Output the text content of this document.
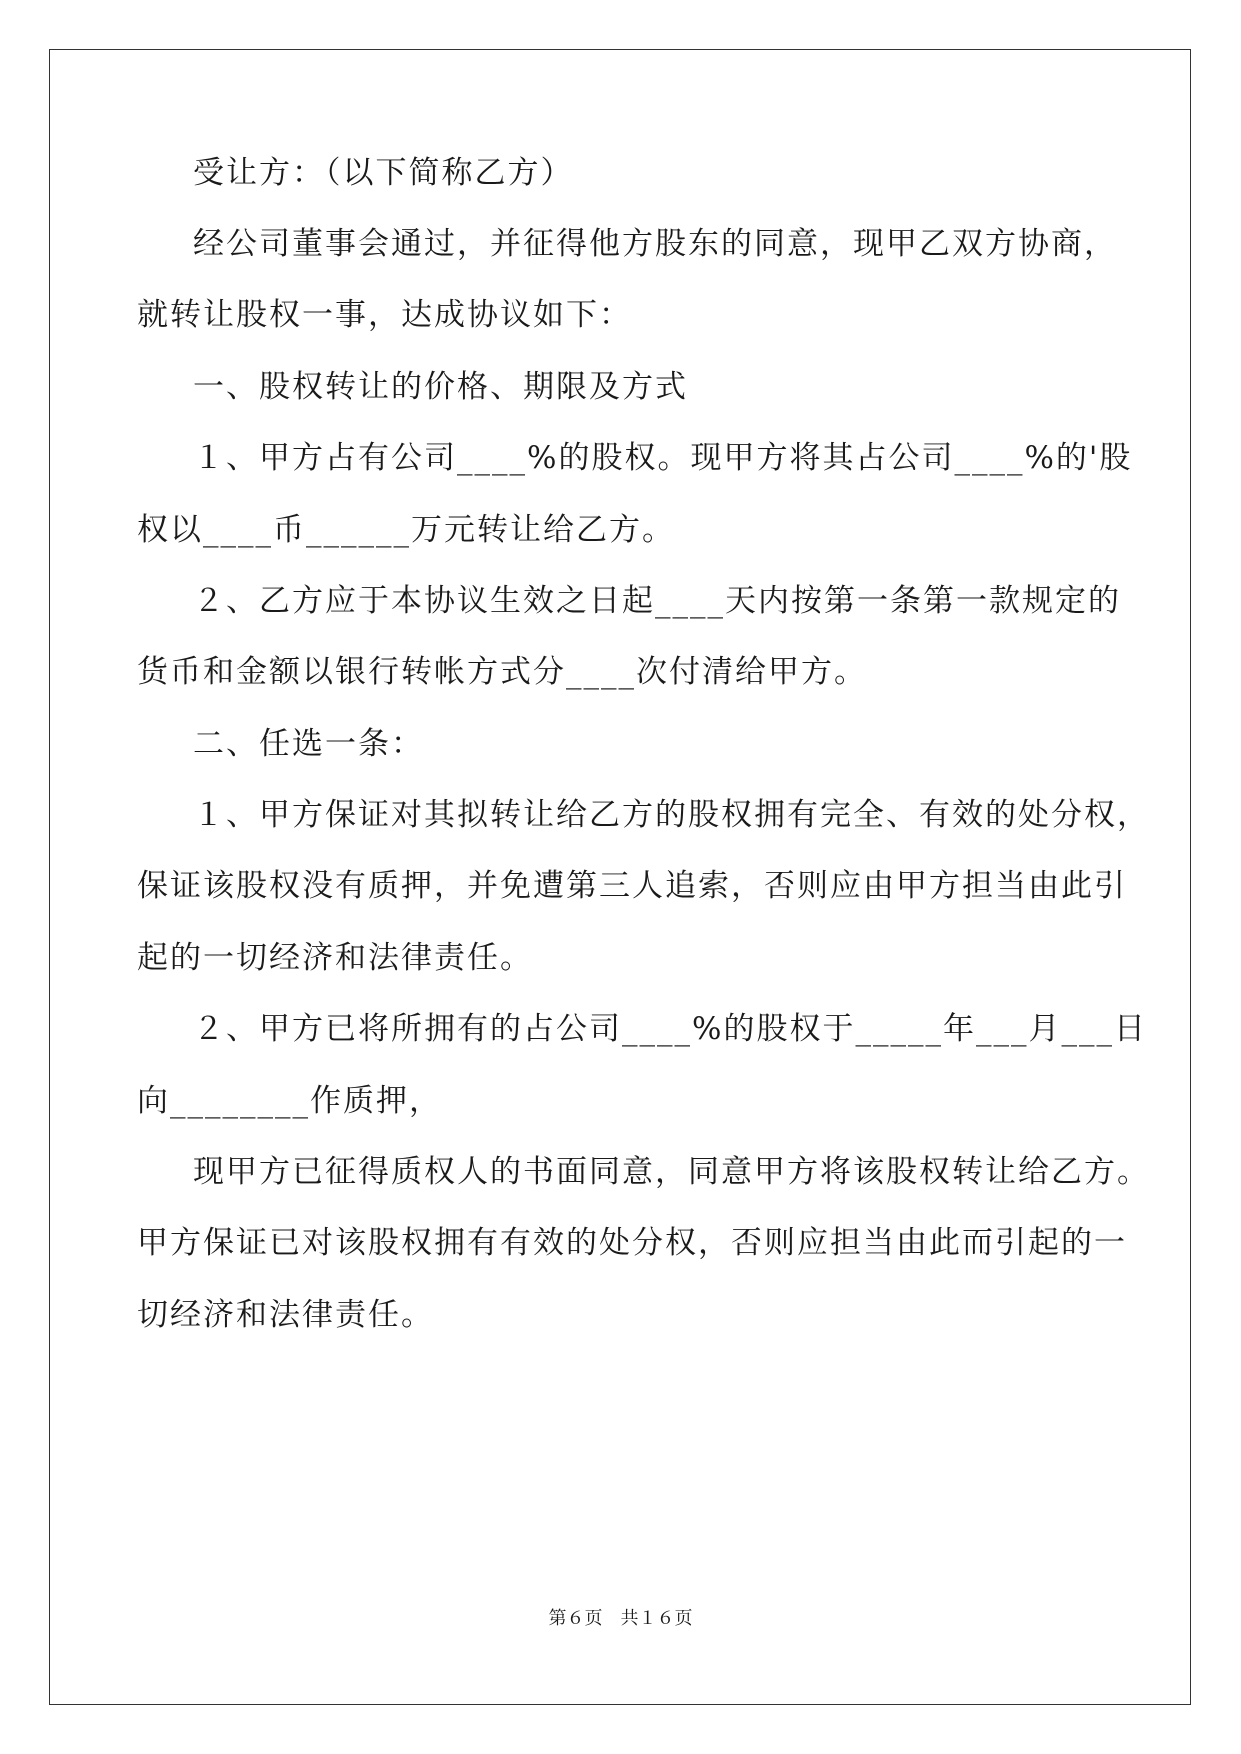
受让方：（以下简称乙方）
经公司董事会通过，并征得他方股东的同意，现甲乙双方协商，
就转让股权一事，达成协议如下：
一、股权转让的价格、期限及方式
１、甲方占有公司____%的股权。现甲方将其占公司____%的'股
权以____币______万元转让给乙方。
２、乙方应于本协议生效之日起____天内按第一条第一款规定的
货币和金额以银行转帐方式分____次付清给甲方。
二、任选一条：
１、甲方保证对其拟转让给乙方的股权拥有完全、有效的处分权，
保证该股权没有质押，并免遭第三人追索，否则应由甲方担当由此引
起的一切经济和法律责任。
２、甲方已将所拥有的占公司____%的股权于_____年___月___日
向________作质押，
现甲方已征得质权人的书面同意，同意甲方将该股权转让给乙方。
甲方保证已对该股权拥有有效的处分权，否则应担当由此而引起的一
切经济和法律责任。
第６页　共１６页
